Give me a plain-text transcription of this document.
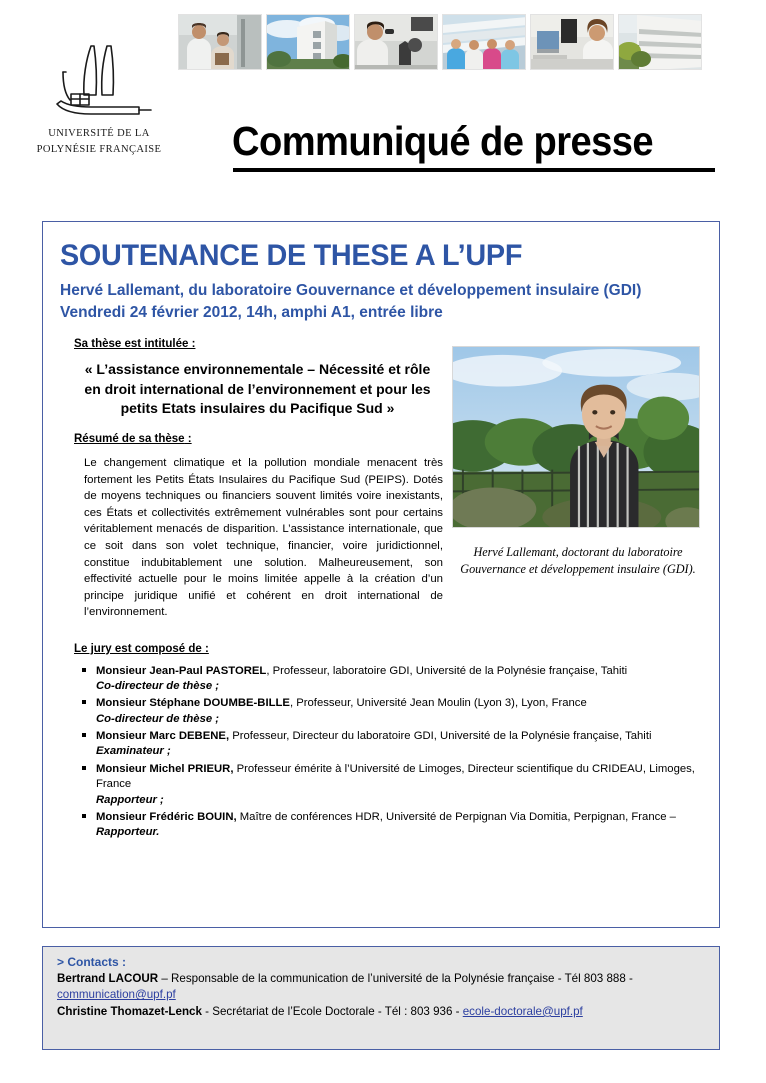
UNIVERSITÉ DE LA
POLYNÉSIE FRANÇAISE	Communiqué de presse
SOUTENANCE DE THESE A L’UPF
Hervé Lallemant, du laboratoire Gouvernance et développement insulaire (GDI)
Vendredi 24 février 2012, 14h, amphi A1, entrée libre
Sa thèse est intitulée :
« L’assistance environnementale – Nécessité et rôle en droit international de l’environnement et pour les petits Etats insulaires du Pacifique Sud »
Résumé de sa thèse :

Le changement climatique et la pollution mondiale menacent très fortement les Petits États Insulaires du Pacifique Sud (PEIPS). Dotés de moyens techniques ou financiers souvent limités voire inexistants, ces États et collectivités extrêmement vulnérables sont pour certains véritablement menacés de disparition. L’assistance internationale, que ce soit dans son volet technique, financier, voire juridictionnel, constitue indubitablement une solution. Malheureusement, son effectivité actuelle pour le moins limitée appelle à la création d’un principe juridique unifié et cohérent en droit international de l’environnement.

Hervé Lallemant, doctorant du laboratoire Gouvernance et développement insulaire (GDI).
Le jury est composé de :
Monsieur Jean-Paul PASTOREL, Professeur, laboratoire GDI, Université de la Polynésie française, Tahiti
Co-directeur de thèse ;
Monsieur Stéphane DOUMBE-BILLE, Professeur, Université Jean Moulin (Lyon 3), Lyon, France
Co-directeur de thèse ;
Monsieur Marc DEBENE, Professeur, Directeur du laboratoire GDI, Université de la Polynésie française, Tahiti
Examinateur ;
Monsieur Michel PRIEUR, Professeur émérite à l’Université de Limoges, Directeur scientifique du CRIDEAU, Limoges, France
Rapporteur ;
Monsieur Frédéric BOUIN, Maître de conférences HDR, Université de Perpignan Via Domitia, Perpignan, France –
Rapporteur.
> Contacts :

Bertrand LACOUR – Responsable de la communication de l’université de la Polynésie française - Tél 803 888 -
communication@upf.pf

Christine Thomazet-Lenck - Secrétariat de l’Ecole Doctorale - Tél : 803 936 - ecole-doctorale@upf.pf
